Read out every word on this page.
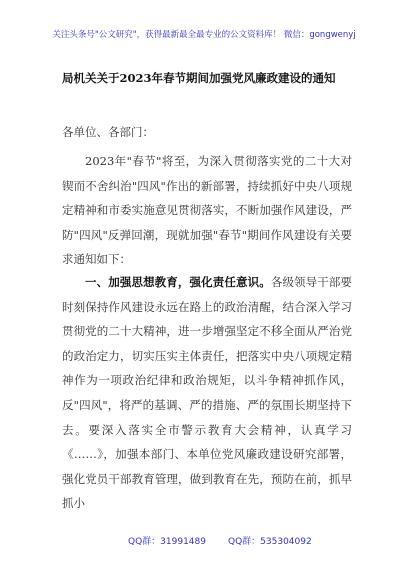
关注头条号"公文研究"，获得最新最全最专业的公文资料库！ 微信：gongwenyj
局机关关于2023年春节期间加强党风廉政建设的通知
各单位、各部门：
2023年"春节"将至，为深入贯彻落实党的二十大对锲而不舍纠治"四风"作出的新部署，持续抓好中央八项规定精神和市委实施意见贯彻落实，不断加强作风建设，严防"四风"反弹回潮，现就加强"春节"期间作风建设有关要求通知如下：
一、加强思想教育，强化责任意识。各级领导干部要时刻保持作风建设永远在路上的政治清醒，结合深入学习贯彻党的二十大精神，进一步增强坚定不移全面从严治党的政治定力，切实压实主体责任，把落实中央八项规定精神作为一项政治纪律和政治规矩，以斗争精神抓作风，反"四风"，将严的基调、严的措施、严的氛围长期坚持下去。要深入落实全市警示教育大会精神，认真学习《……》，加强本部门、本单位党风廉政建设研究部署，强化党员干部教育管理，做到教育在先，预防在前，抓早抓小
QQ群：31991489 QQ群：535304092
